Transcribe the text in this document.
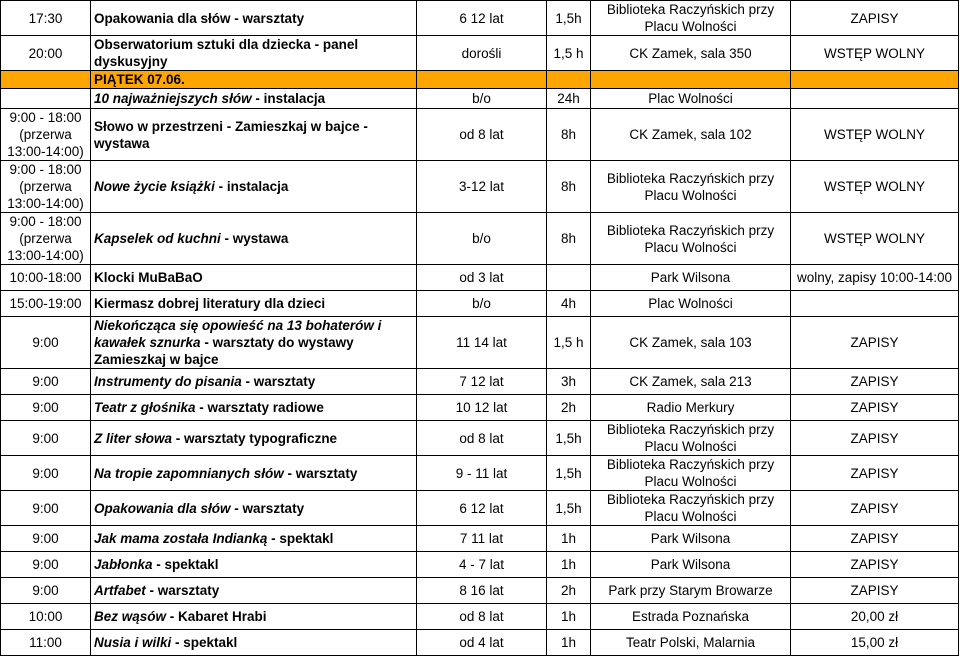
17:30	Opakowania dla słów - warsztaty	6 12 lat	1,5h	Biblioteka Raczyńskich przy Placu Wolności	ZAPISY
20:00	Obserwatorium sztuki dla dziecka - panel dyskusyjny	dorośli	1,5 h	CK Zamek, sala 350	WSTĘP WOLNY
	PIĄTEK 07.06.				
	10 najważniejszych słów - instalacja	b/o	24h	Plac Wolności	
9:00 - 18:00 (przerwa 13:00-14:00)	Słowo w przestrzeni - Zamieszkaj w bajce - wystawa	od 8 lat	8h	CK Zamek, sala 102	WSTĘP WOLNY
9:00 - 18:00 (przerwa 13:00-14:00)	Nowe życie książki - instalacja	3-12 lat	8h	Biblioteka Raczyńskich przy Placu Wolności	WSTĘP WOLNY
9:00 - 18:00 (przerwa 13:00-14:00)	Kapselek od kuchni - wystawa	b/o	8h	Biblioteka Raczyńskich przy Placu Wolności	WSTĘP WOLNY
10:00-18:00	Klocki MuBaBaO	od 3 lat		Park Wilsona	wolny, zapisy 10:00-14:00
15:00-19:00	Kiermasz dobrej literatury dla dzieci	b/o	4h	Plac Wolności	
9:00	Niekończąca się opowieść na 13 bohaterów i kawałek sznurka - warsztaty do wystawy Zamieszkaj w bajce	11 14 lat	1,5 h	CK Zamek, sala 103	ZAPISY
9:00	Instrumenty do pisania - warsztaty	7 12 lat	3h	CK Zamek, sala 213	ZAPISY
9:00	Teatr z głośnika - warsztaty radiowe	10 12 lat	2h	Radio Merkury	ZAPISY
9:00	Z liter słowa - warsztaty typograficzne	od 8 lat	1,5h	Biblioteka Raczyńskich przy Placu Wolności	ZAPISY
9:00	Na tropie zapomnianych słów - warsztaty	9 - 11 lat	1,5h	Biblioteka Raczyńskich przy Placu Wolności	ZAPISY
9:00	Opakowania dla słów - warsztaty	6 12 lat	1,5h	Biblioteka Raczyńskich przy Placu Wolności	ZAPISY
9:00	Jak mama została Indianką - spektakl	7 11 lat	1h	Park Wilsona	ZAPISY
9:00	Jabłonka - spektakl	4 - 7 lat	1h	Park Wilsona	ZAPISY
9:00	Artfabet - warsztaty	8 16 lat	2h	Park przy Starym Browarze	ZAPISY
10:00	Bez wąsów - Kabaret Hrabi	od 8 lat	1h	Estrada Poznańska	20,00 zł
11:00	Nusia i wilki - spektakl	od 4 lat	1h	Teatr Polski, Malarnia	15,00 zł
